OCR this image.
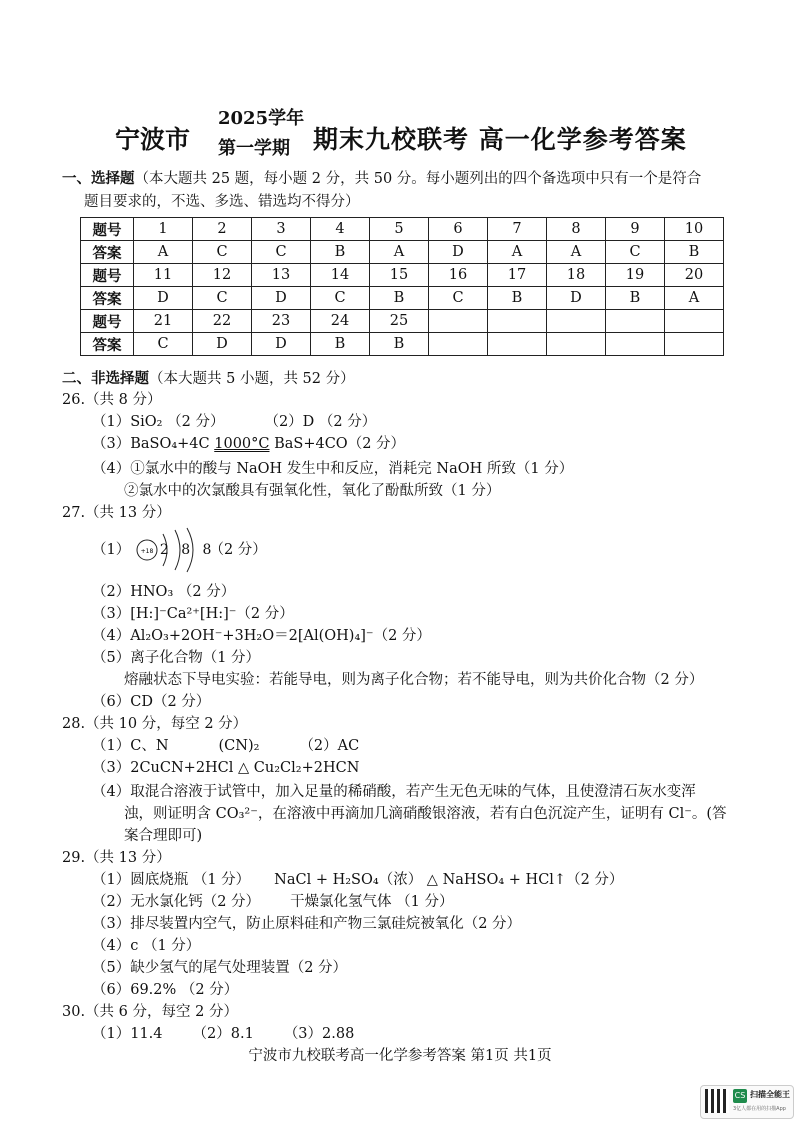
宁波市
2025学年
第一学期 期末九校联考 高一化学参考答案
一、选择题（本大题共 25 题，每小题 2 分，共 50 分。每小题列出的四个备选项中只有一个是符合
题目要求的，不选、多选、错选均不得分）
题号	1	2	3	4	5	6	7	8	9	10
答案	A	C	C	B	A	D	A	A	C	B
题号	11	12	13	14	15	16	17	18	19	20
答案	D	C	D	C	B	C	B	D	B	A
题号	21	22	23	24	25					
答案	C	D	D	B	B					
二、非选择题（本大题共 5 小题，共 52 分）
26.（共 8 分）
（1）SiO₂ （2 分）	（2）D （2 分）
（3）BaSO₄+4C 1000°C BaS+4CO（2 分）
（4）①氯水中的酸与 NaOH 发生中和反应，消耗完 NaOH 所致（1 分）
②氯水中的次氯酸具有强氧化性，氧化了酚酞所致（1 分）
27.（共 13 分）
（1） +18 2 8 8
（2 分）
（2）HNO₃ （2 分）
（3）[H:]⁻Ca²⁺[H:]⁻（2 分）
（4）Al₂O₃+2OH⁻+3H₂O＝2[Al(OH)₄]⁻（2 分）
（5）离子化合物（1 分）
熔融状态下导电实验：若能导电，则为离子化合物；若不能导电，则为共价化合物（2 分）
（6）CD（2 分）
28.（共 10 分，每空 2 分）
（1）C、N	(CN)₂	（2）AC
（3）2CuCN+2HCl △ Cu₂Cl₂+2HCN
（4）取混合溶液于试管中，加入足量的稀硝酸，若产生无色无味的气体，且使澄清石灰水变浑
浊，则证明含 CO₃²⁻，在溶液中再滴加几滴硝酸银溶液，若有白色沉淀产生，证明有 Cl⁻。(答
案合理即可)
29.（共 13 分）
（1）圆底烧瓶 （1 分） NaCl + H₂SO₄（浓） △ NaHSO₄ + HCl↑（2 分）
（2）无水氯化钙（2 分） 干燥氯化氢气体 （1 分）
（3）排尽装置内空气，防止原料硅和产物三氯硅烷被氧化（2 分）
（4）c （1 分）
（5）缺少氢气的尾气处理装置（2 分）
（6）69.2% （2 分）
30.（共 6 分，每空 2 分）
（1）11.4 （2）8.1 （3）2.88
宁波市九校联考高一化学参考答案 第1页 共1页
CS 扫描全能王
3亿人都在用的扫描App
